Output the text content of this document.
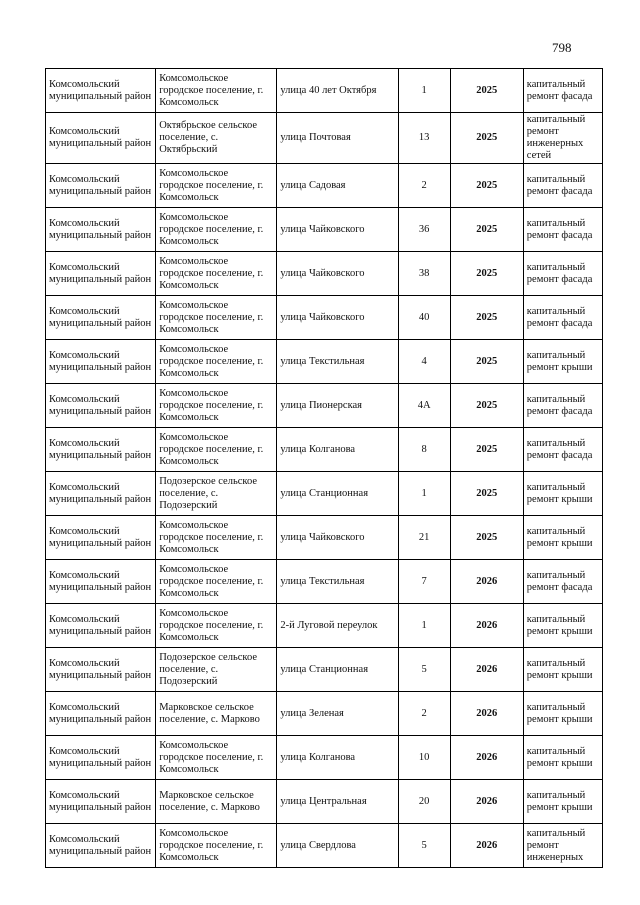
798
Комсомольский муниципальный район	Комсомольское городское поселение, г. Комсомольск	улица 40 лет Октября	1	2025	капитальный ремонт фасада
Комсомольский муниципальный район	Октябрьское сельское поселение, с. Октябрьский	улица Почтовая	13	2025	капитальный ремонт инженерных сетей
Комсомольский муниципальный район	Комсомольское городское поселение, г. Комсомольск	улица Садовая	2	2025	капитальный ремонт фасада
Комсомольский муниципальный район	Комсомольское городское поселение, г. Комсомольск	улица Чайковского	36	2025	капитальный ремонт фасада
Комсомольский муниципальный район	Комсомольское городское поселение, г. Комсомольск	улица Чайковского	38	2025	капитальный ремонт фасада
Комсомольский муниципальный район	Комсомольское городское поселение, г. Комсомольск	улица Чайковского	40	2025	капитальный ремонт фасада
Комсомольский муниципальный район	Комсомольское городское поселение, г. Комсомольск	улица Текстильная	4	2025	капитальный ремонт крыши
Комсомольский муниципальный район	Комсомольское городское поселение, г. Комсомольск	улица Пионерская	4А	2025	капитальный ремонт фасада
Комсомольский муниципальный район	Комсомольское городское поселение, г. Комсомольск	улица Колганова	8	2025	капитальный ремонт фасада
Комсомольский муниципальный район	Подозерское сельское поселение, с. Подозерский	улица Станционная	1	2025	капитальный ремонт крыши
Комсомольский муниципальный район	Комсомольское городское поселение, г. Комсомольск	улица Чайковского	21	2025	капитальный ремонт крыши
Комсомольский муниципальный район	Комсомольское городское поселение, г. Комсомольск	улица Текстильная	7	2026	капитальный ремонт фасада
Комсомольский муниципальный район	Комсомольское городское поселение, г. Комсомольск	2-й Луговой переулок	1	2026	капитальный ремонт крыши
Комсомольский муниципальный район	Подозерское сельское поселение, с. Подозерский	улица Станционная	5	2026	капитальный ремонт крыши
Комсомольский муниципальный район	Марковское сельское поселение, с. Марково	улица Зеленая	2	2026	капитальный ремонт крыши
Комсомольский муниципальный район	Комсомольское городское поселение, г. Комсомольск	улица Колганова	10	2026	капитальный ремонт крыши
Комсомольский муниципальный район	Марковское сельское поселение, с. Марково	улица Центральная	20	2026	капитальный ремонт крыши
Комсомольский муниципальный район	Комсомольское городское поселение, г. Комсомольск	улица Свердлова	5	2026	капитальный ремонт инженерных
